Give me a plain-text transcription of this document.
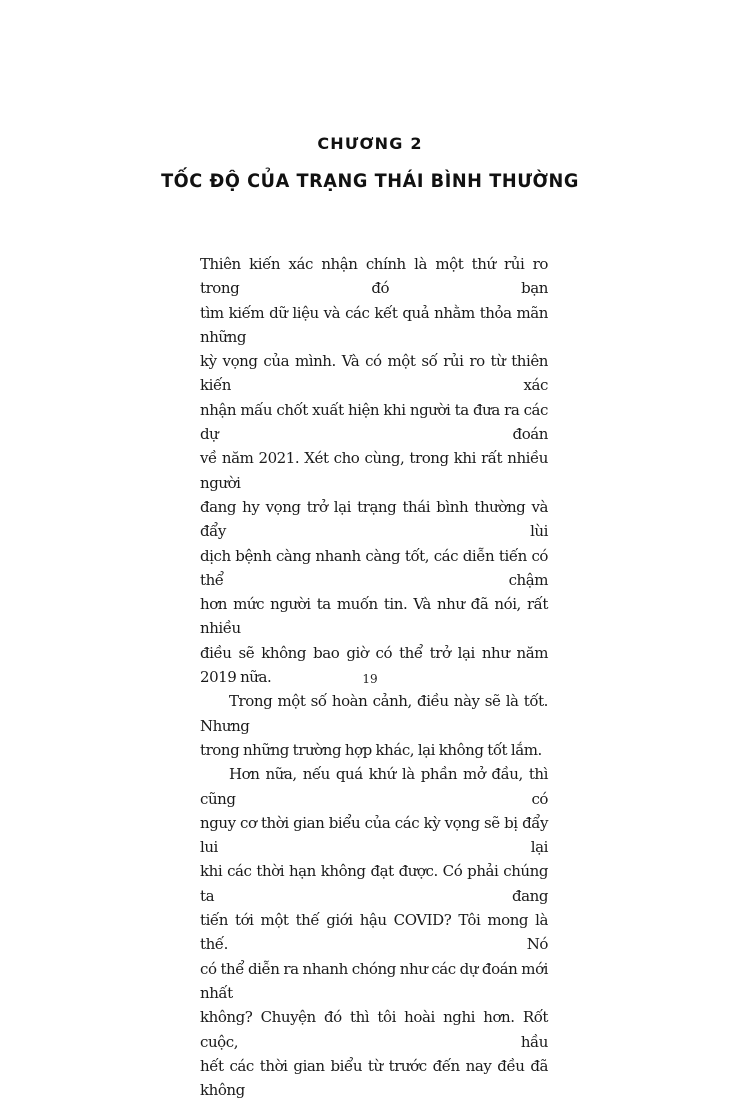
CHƯƠNG 2

TỐC ĐỘ CỦA TRẠNG THÁI BÌNH THƯỜNG

Thiên kiến xác nhận chính là một thứ rủi ro trong đó bạn

tìm kiếm dữ liệu và các kết quả nhằm thỏa mãn những

kỳ vọng của mình. Và có một số rủi ro từ thiên kiến xác

nhận mấu chốt xuất hiện khi người ta đưa ra các dự đoán

về năm 2021. Xét cho cùng, trong khi rất nhiều người

đang hy vọng trở lại trạng thái bình thường và đẩy lùi

dịch bệnh càng nhanh càng tốt, các diễn tiến có thể chậm

hơn mức người ta muốn tin. Và như đã nói, rất nhiều

điều sẽ không bao giờ có thể trở lại như năm 2019 nữa.

Trong một số hoàn cảnh, điều này sẽ là tốt. Nhưng

trong những trường hợp khác, lại không tốt lắm.

Hơn nữa, nếu quá khứ là phần mở đầu, thì cũng có

nguy cơ thời gian biểu của các kỳ vọng sẽ bị đẩy lui lại

khi các thời hạn không đạt được. Có phải chúng ta đang

tiến tới một thế giới hậu COVID? Tôi mong là thế. Nó

có thể diễn ra nhanh chóng như các dự đoán mới nhất

không? Chuyện đó thì tôi hoài nghi hơn. Rốt cuộc, hầu

hết các thời gian biểu từ trước đến nay đều đã không

19
